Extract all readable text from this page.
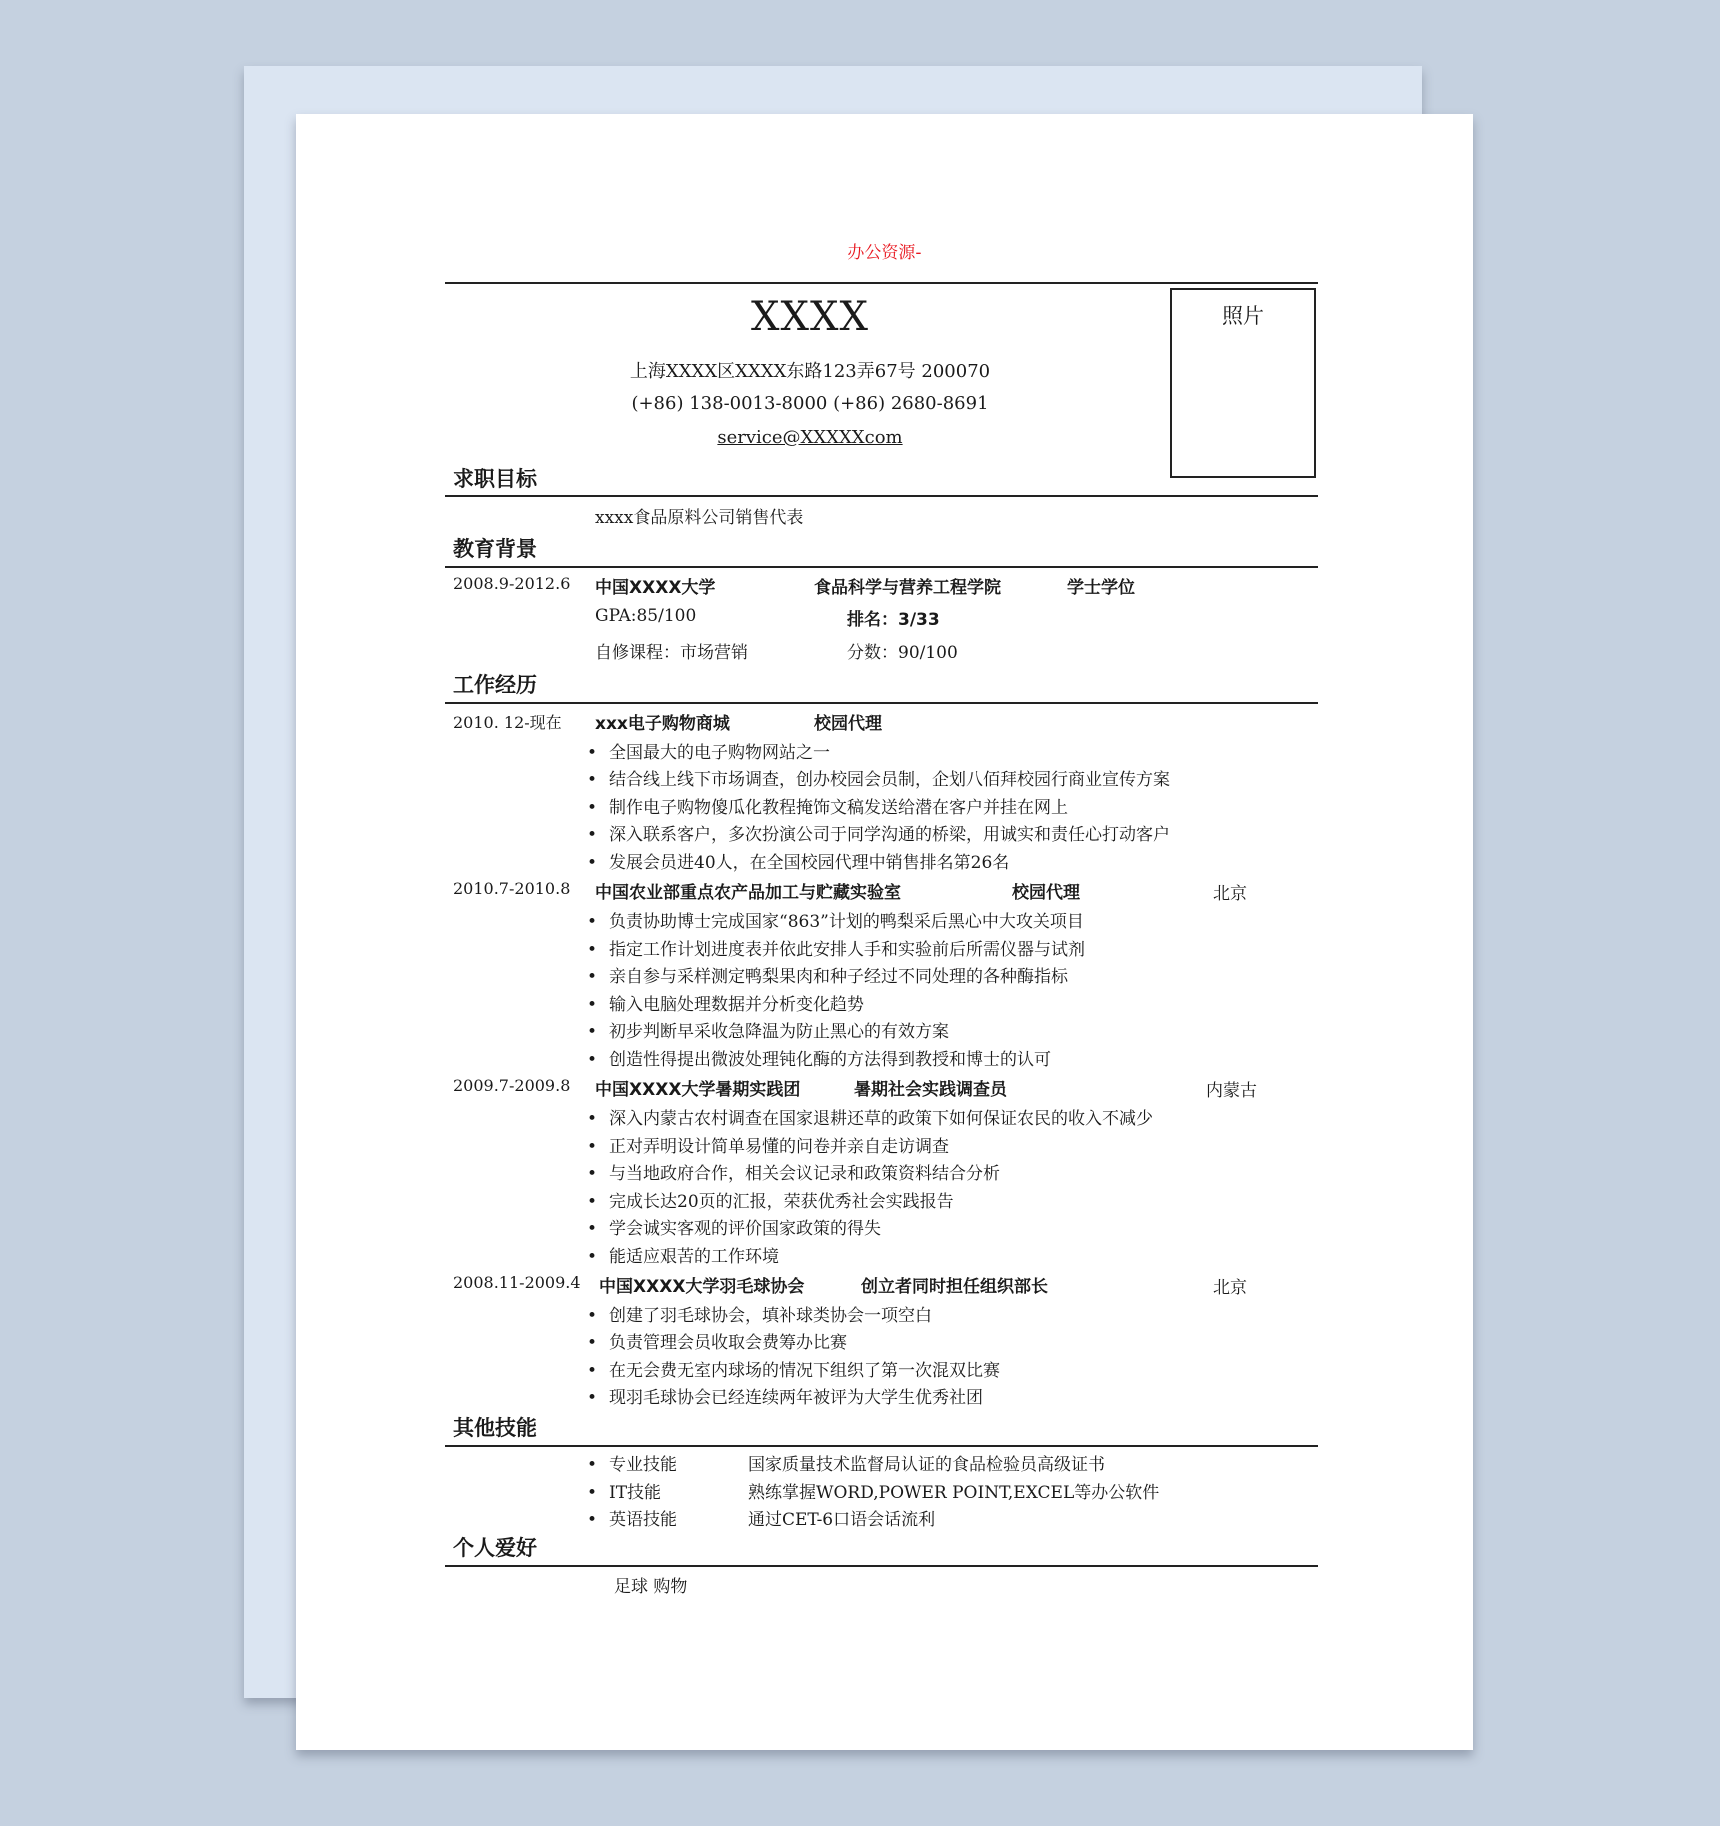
办公资源-
照片
XXXX
上海XXXX区XXXX东路123弄67号 200070
(+86) 138-0013-8000 (+86) 2680-8691
service@XXXXXcom
求职目标
xxxx食品原料公司销售代表
教育背景
2008.9-2012.6 中国XXXX大学	食品科学与营养工程学院	学士学位
GPA:85/100	排名：3/33
自修课程：市场营销	分数：90/100
工作经历
2010. 12-现在 xxx电子购物商城	校园代理
• 全国最大的电子购物网站之一
• 结合线上线下市场调查，创办校园会员制，企划八佰拜校园行商业宣传方案
• 制作电子购物傻瓜化教程掩饰文稿发送给潜在客户并挂在网上
• 深入联系客户，多次扮演公司于同学沟通的桥梁，用诚实和责任心打动客户
• 发展会员进40人，在全国校园代理中销售排名第26名
2010.7-2010.8 中国农业部重点农产品加工与贮藏实验室	校园代理	北京
• 负责协助博士完成国家“863”计划的鸭梨采后黑心中大攻关项目
• 指定工作计划进度表并依此安排人手和实验前后所需仪器与试剂
• 亲自参与采样测定鸭梨果肉和种子经过不同处理的各种酶指标
• 输入电脑处理数据并分析变化趋势
• 初步判断早采收急降温为防止黑心的有效方案
• 创造性得提出微波处理钝化酶的方法得到教授和博士的认可
2009.7-2009.8 中国XXXX大学暑期实践团	暑期社会实践调查员	内蒙古
• 深入内蒙古农村调查在国家退耕还草的政策下如何保证农民的收入不减少
• 正对弄明设计简单易懂的问卷并亲自走访调查
• 与当地政府合作，相关会议记录和政策资料结合分析
• 完成长达20页的汇报，荣获优秀社会实践报告
• 学会诚实客观的评价国家政策的得失
• 能适应艰苦的工作环境
2008.11-2009.4 中国XXXX大学羽毛球协会	创立者同时担任组织部长	北京
• 创建了羽毛球协会，填补球类协会一项空白
• 负责管理会员收取会费筹办比赛
• 在无会费无室内球场的情况下组织了第一次混双比赛
• 现羽毛球协会已经连续两年被评为大学生优秀社团
其他技能
• 专业技能	国家质量技术监督局认证的食品检验员高级证书
• IT技能	熟练掌握WORD,POWER POINT,EXCEL等办公软件
• 英语技能	通过CET-6口语会话流利
个人爱好
足球 购物
